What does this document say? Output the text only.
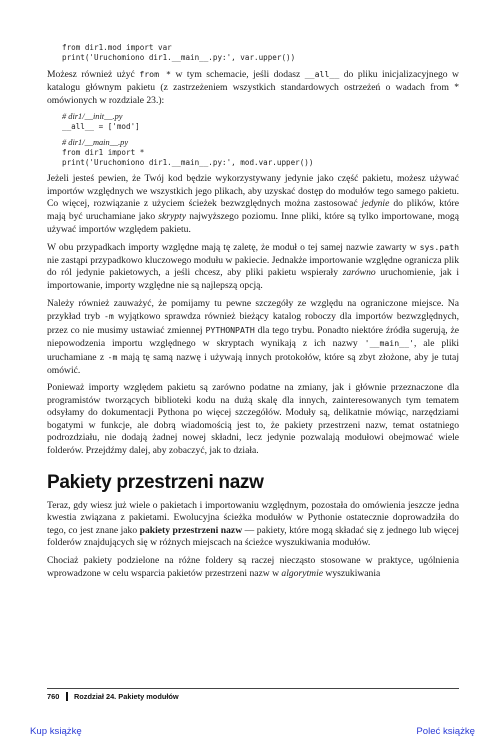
from dir1.mod import var
print('Uruchomiono dir1.__main__.py:', var.upper())

Możesz również użyć from * w tym schemacie, jeśli dodasz __all__ do pliku inicjalizacyjnego w katalogu głównym pakietu (z zastrzeżeniem wszystkich standardowych ostrzeżeń o wadach from * omówionych w rozdziale 23.):

# dir1/__init__.py
__all__ = ['mod']
# dir1/__main__.py
from dir1 import *
print('Uruchomiono dir1.__main__.py:', mod.var.upper())

Jeżeli jesteś pewien, że Twój kod będzie wykorzystywany jedynie jako część pakietu, możesz używać importów względnych we wszystkich jego plikach, aby uzyskać dostęp do modułów tego samego pakietu. Co więcej, rozwiązanie z użyciem ścieżek bezwzględnych można zastosować jedynie do plików, które mają być uruchamiane jako skrypty najwyższego poziomu. Inne pliki, które są tylko importowane, mogą używać importów względem pakietu.

W obu przypadkach importy względne mają tę zaletę, że moduł o tej samej nazwie zawarty w sys.path nie zastąpi przypadkowo kluczowego modułu w pakiecie. Jednakże importowanie względne ogranicza plik do ról jedynie pakietowych, a jeśli chcesz, aby pliki pakietu wspierały zarówno uruchomienie, jak i importowanie, importy względne nie są najlepszą opcją.

Należy również zauważyć, że pomijamy tu pewne szczegóły ze względu na ograniczone miejsce. Na przykład tryb -m wyjątkowo sprawdza również bieżący katalog roboczy dla importów bezwzględnych, przez co nie musimy ustawiać zmiennej PYTHONPATH dla tego trybu. Ponadto niektóre źródła sugerują, że niepowodzenia importu względnego w skryptach wynikają z ich nazwy '__main__', ale pliki uruchamiane z -m mają tę samą nazwę i używają innych protokołów, które są zbyt złożone, aby je tutaj omówić.

Ponieważ importy względem pakietu są zarówno podatne na zmiany, jak i głównie przeznaczone dla programistów tworzących biblioteki kodu na dużą skalę dla innych, zainteresowanych tym tematem odsyłamy do dokumentacji Pythona po więcej szczegółów. Moduły są, delikatnie mówiąc, narzędziami bogatymi w funkcje, ale dobrą wiadomością jest to, że pakiety przestrzeni nazw, temat ostatniego podrozdziału, nie dodają żadnej nowej składni, lecz jedynie pozwalają modułowi obejmować wiele folderów. Przejdźmy dalej, aby zobaczyć, jak to działa.

Pakiety przestrzeni nazw

Teraz, gdy wiesz już wiele o pakietach i importowaniu względnym, pozostała do omówienia jeszcze jedna kwestia związana z pakietami. Ewolucyjna ścieżka modułów w Pythonie ostatecznie doprowadziła do tego, co jest znane jako pakiety przestrzeni nazw — pakiety, które mogą składać się z jednego lub więcej folderów znajdujących się w różnych miejscach na ścieżce wyszukiwania modułów.

Chociaż pakiety podzielone na różne foldery są raczej niecząsto stosowane w praktyce, ugólnienia wprowadzone w celu wsparcia pakietów przestrzeni nazw w algorytmie wyszukiwania

760 Rozdział 24. Pakiety modułów
Kup książkę	Poleć książkę
